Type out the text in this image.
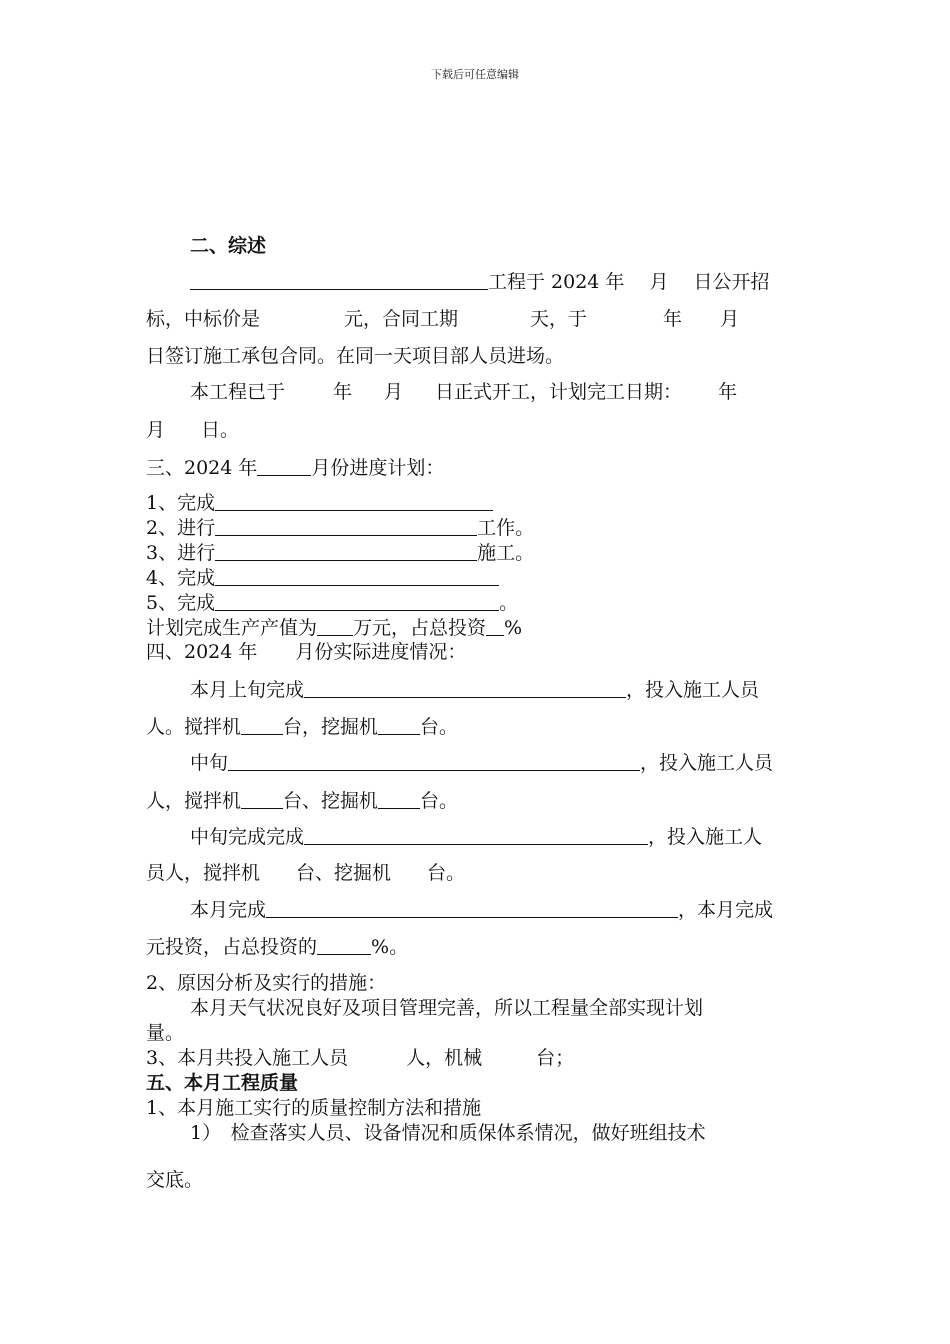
下载后可任意编辑
二、综述
工程于 2024 年　 月　 日公开招
标，中标价是	元，合同工期	天，于	年 月
日签订施工承包合同。在同一天项目部人员进场。
本工程已于	年 月 日正式开工，计划完工日期： 年
月 日。
三、2024 年	月份进度计划：
1、完成
2、进行	工作。
3、进行	施工。
4、完成
5、完成	。
计划完成生产产值为 万元，占总投资 %
四、2024 年　　月份实际进度情况：
本月上旬完成	，投入施工人员
人。搅拌机 台，挖掘机 台。
中旬	，投入施工人员
人，搅拌机 台、挖掘机 台。
中旬完成完成	，投入施工人
员人，搅拌机 台、挖掘机 台。
本月完成	，本月完成
元投资，占总投资的	%。
2、原因分析及实行的措施：
本月天气状况良好及项目管理完善，所以工程量全部实现计划
量。
3、本月共投入施工人员	人，机械	台；
五、本月工程质量
1、本月施工实行的质量控制方法和措施
1）　检查落实人员、设备情况和质保体系情况，做好班组技术
交底。
